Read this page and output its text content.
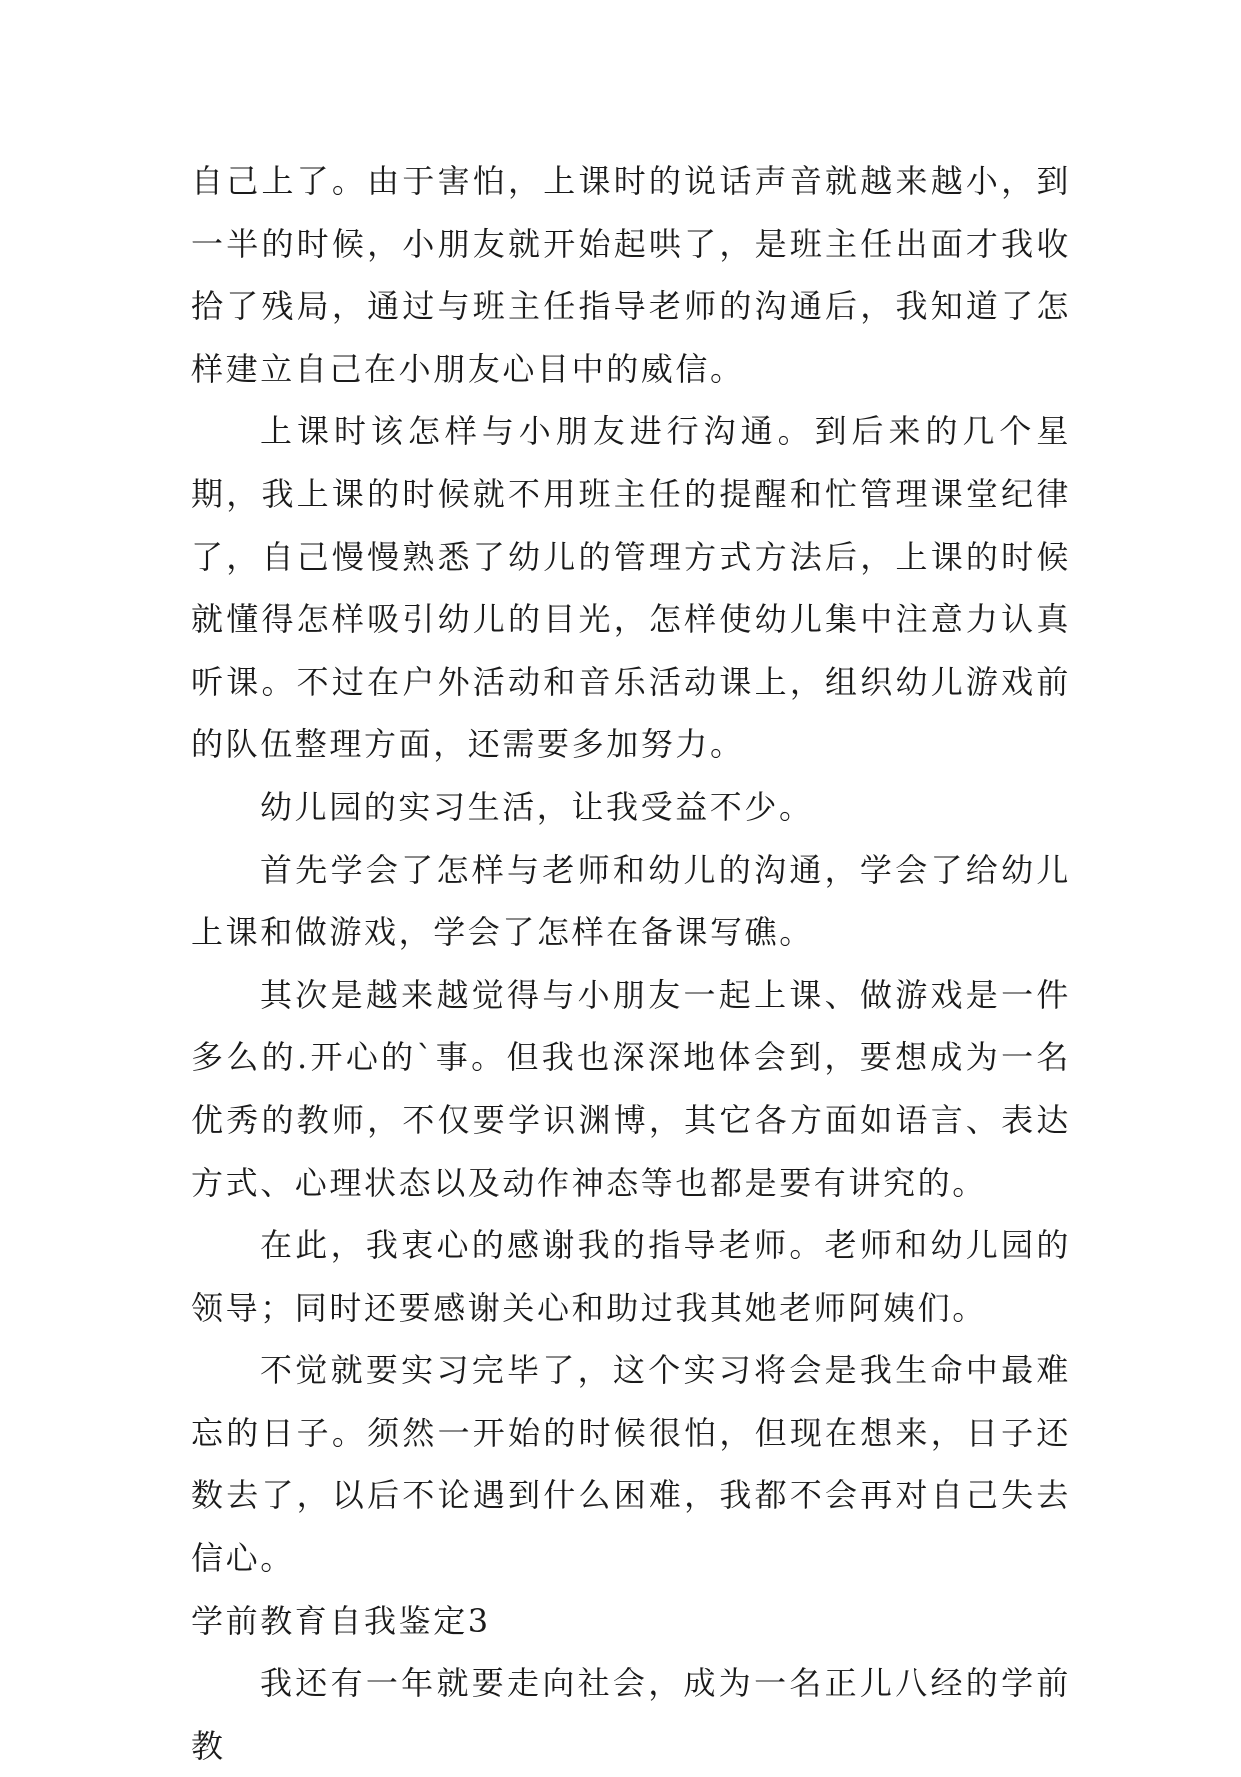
自己上了。由于害怕，上课时的说话声音就越来越小，到一半的时候，小朋友就开始起哄了，是班主任出面才我收拾了残局，通过与班主任指导老师的沟通后，我知道了怎样建立自己在小朋友心目中的威信。

上课时该怎样与小朋友进行沟通。到后来的几个星期，我上课的时候就不用班主任的提醒和忙管理课堂纪律了，自己慢慢熟悉了幼儿的管理方式方法后，上课的时候就懂得怎样吸引幼儿的目光，怎样使幼儿集中注意力认真听课。不过在户外活动和音乐活动课上，组织幼儿游戏前的队伍整理方面，还需要多加努力。

幼儿园的实习生活，让我受益不少。

首先学会了怎样与老师和幼儿的沟通，学会了给幼儿上课和做游戏，学会了怎样在备课写礁。

其次是越来越觉得与小朋友一起上课、做游戏是一件多么的.开心的`事。但我也深深地体会到，要想成为一名优秀的教师，不仅要学识渊博，其它各方面如语言、表达方式、心理状态以及动作神态等也都是要有讲究的。

在此，我衷心的感谢我的指导老师。老师和幼儿园的领导；同时还要感谢关心和助过我其她老师阿姨们。

不觉就要实习完毕了，这个实习将会是我生命中最难忘的日子。须然一开始的时候很怕，但现在想来，日子还数去了，以后不论遇到什么困难，我都不会再对自己失去信心。

学前教育自我鉴定3

我还有一年就要走向社会，成为一名正儿八经的学前教
